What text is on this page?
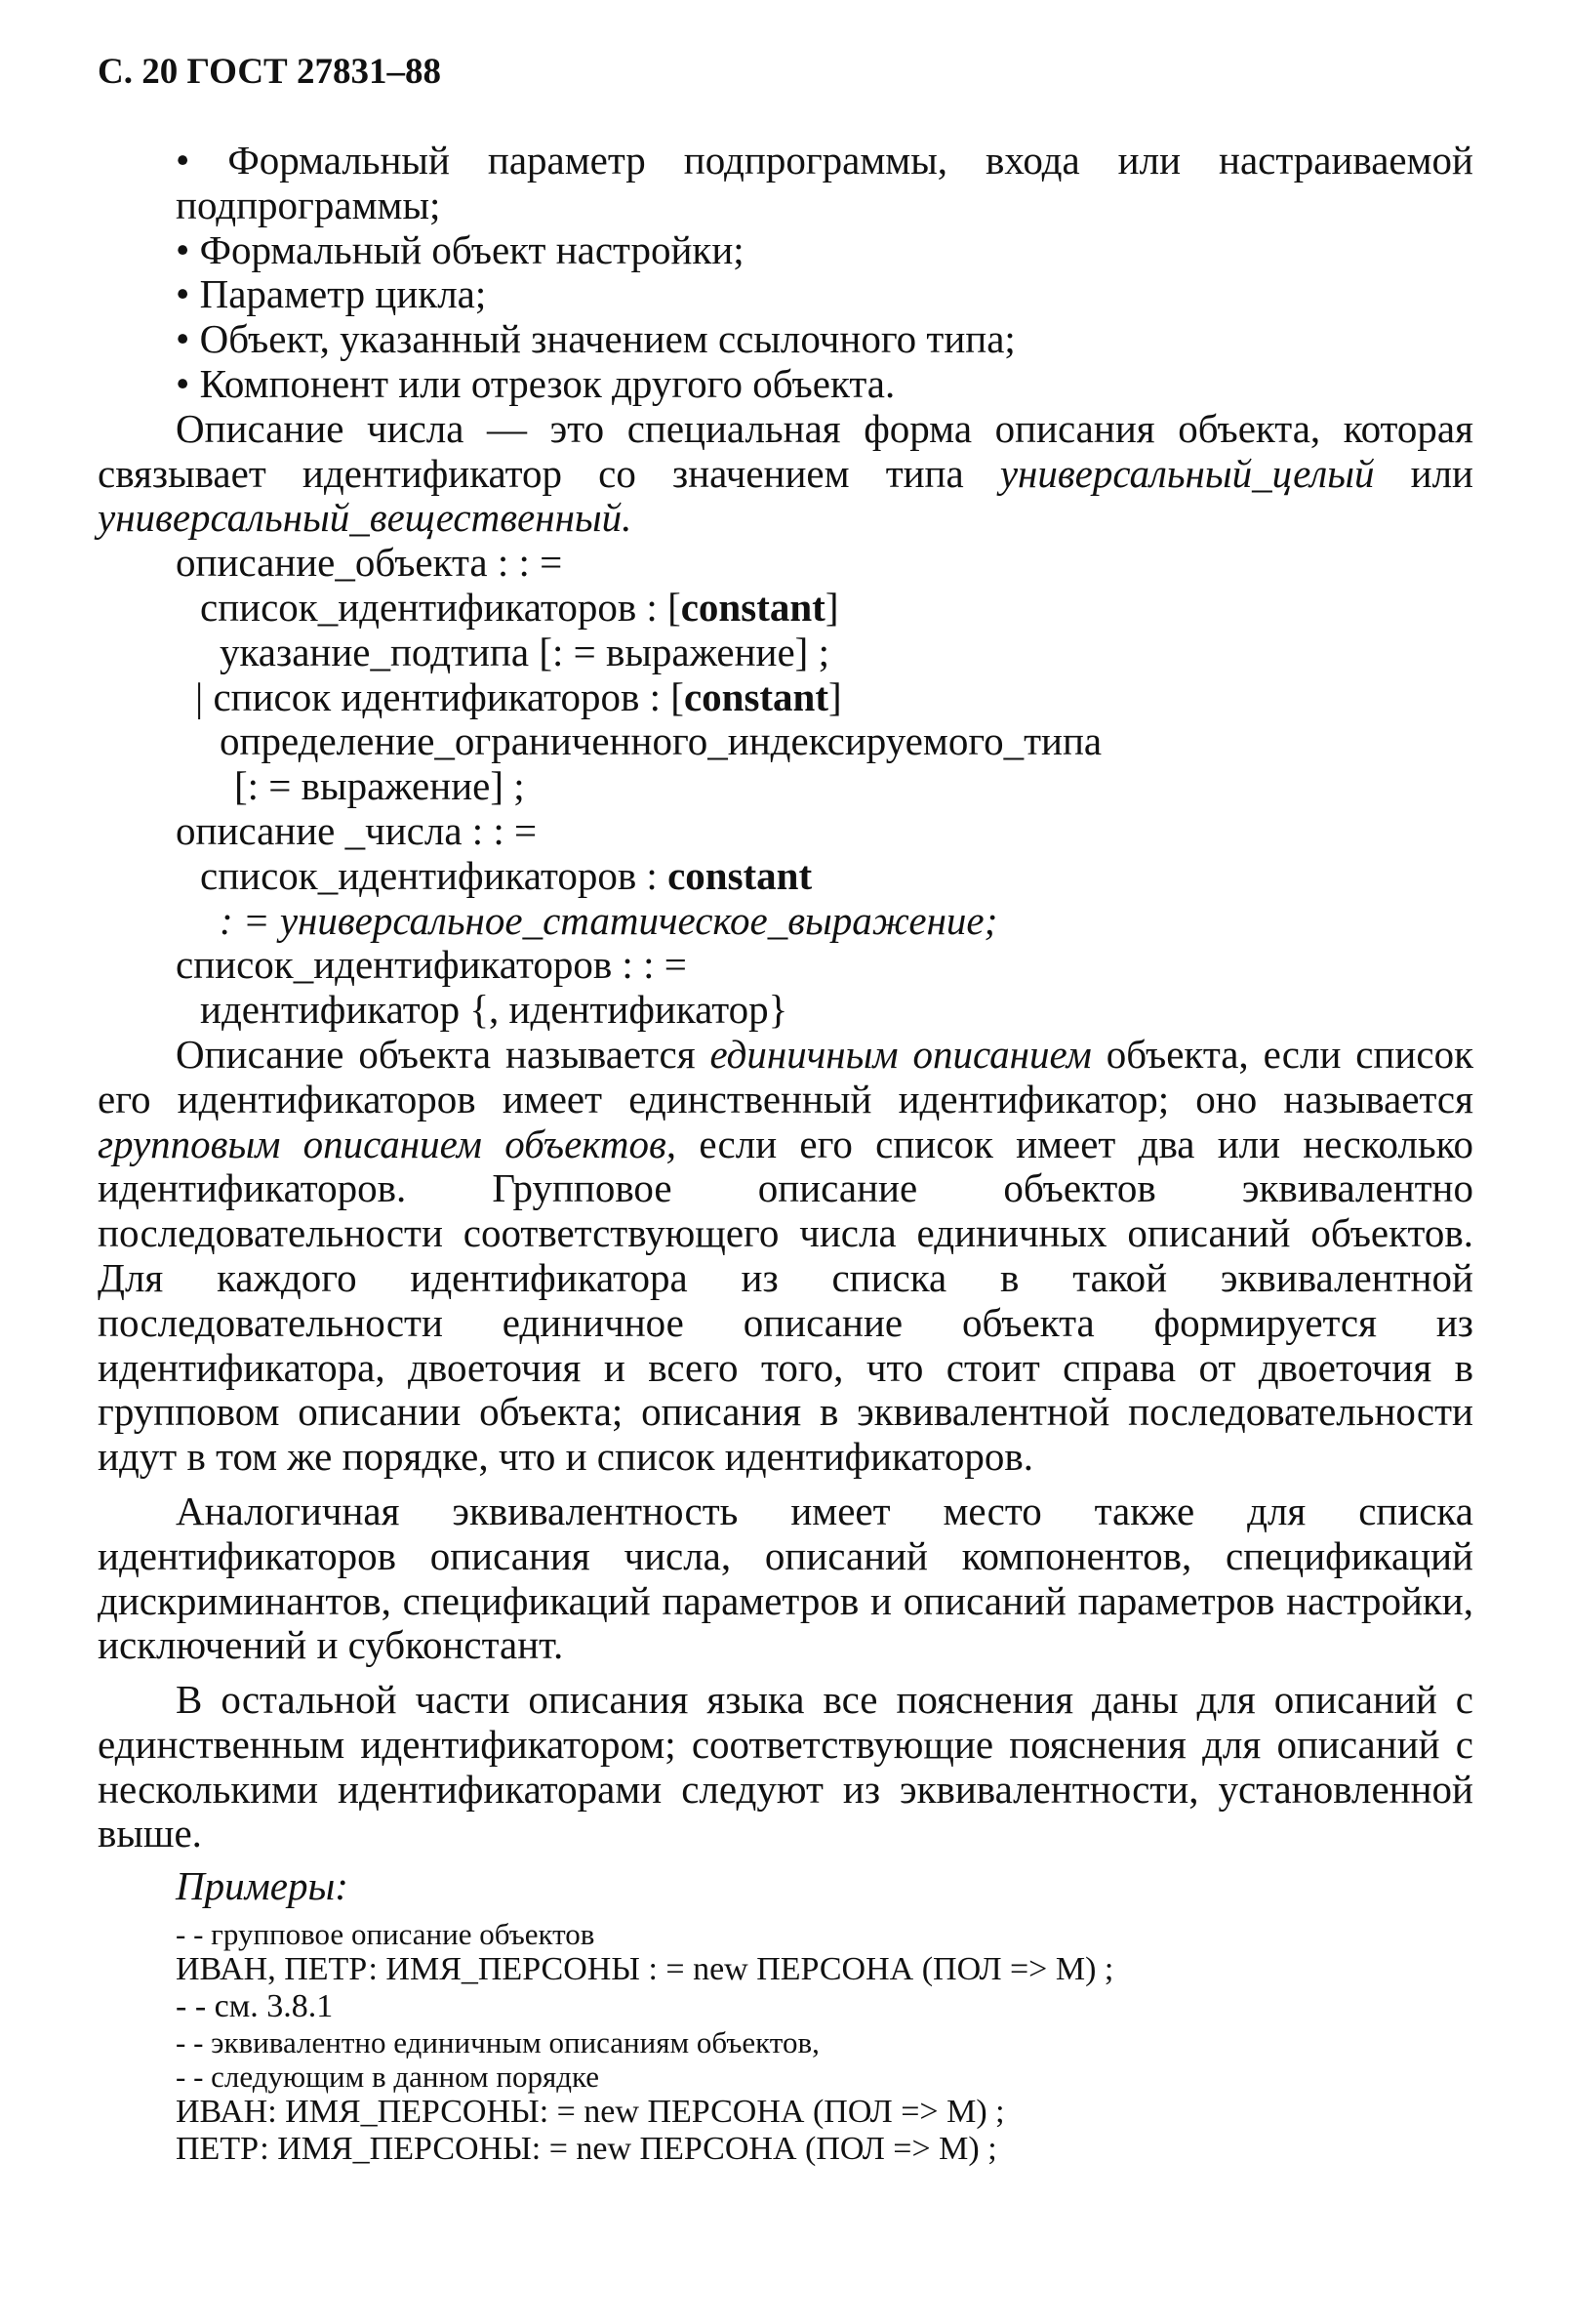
С. 20 ГОСТ 27831–88

• Формальный параметр подпрограммы, входа или настраиваемой подпрограммы;

• Формальный объект настройки;

• Параметр цикла;

• Объект, указанный значением ссылочного типа;

• Компонент или отрезок другого объекта.

Описание числа — это специальная форма описания объекта, которая связывает идентификатор со значением типа универсальный_целый или универсальный_вещественный.

описание_объекта : : =
список_идентификаторов : [constant]
указание_подтипа [: = выражение] ;
| список идентификаторов : [constant]
определение_ограниченного_индексируемого_типа
[: = выражение] ;
описание _числа : : =
список_идентификаторов : constant
: = универсальное_статическое_выражение;
список_идентификаторов : : =
идентификатор {, идентификатор}

Описание объекта называется единичным описанием объекта, если список его идентификаторов имеет единственный идентификатор; оно называется групповым описанием объектов, если его список имеет два или несколько идентификаторов. Групповое описание объектов эквивалентно последовательности соответствующего числа единичных описаний объектов. Для каждого идентификатора из списка в такой эквивалентной последовательности единичное описание объекта формируется из идентификатора, двоеточия и всего того, что стоит справа от двоеточия в групповом описании объекта; описания в эквивалентной последовательности идут в том же порядке, что и список идентификаторов.

Аналогичная эквивалентность имеет место также для списка идентификаторов описания числа, описаний компонентов, спецификаций дискриминантов, спецификаций параметров и описаний параметров настройки, исключений и субконстант.

В остальной части описания языка все пояснения даны для описаний с единственным идентификатором; соответствующие пояснения для описаний с несколькими идентификаторами следуют из эквивалентности, установленной выше.

Примеры:
- - групповое описание объектов
ИВАН, ПЕТР: ИМЯ_ПЕРСОНЫ : = new ПЕРСОНА (ПОЛ => М) ;
- - см. 3.8.1
- - эквивалентно единичным описаниям объектов,
- - следующим в данном порядке
ИВАН: ИМЯ_ПЕРСОНЫ: = new ПЕРСОНА (ПОЛ => М) ;
ПЕТР: ИМЯ_ПЕРСОНЫ: = new ПЕРСОНА (ПОЛ => М) ;
